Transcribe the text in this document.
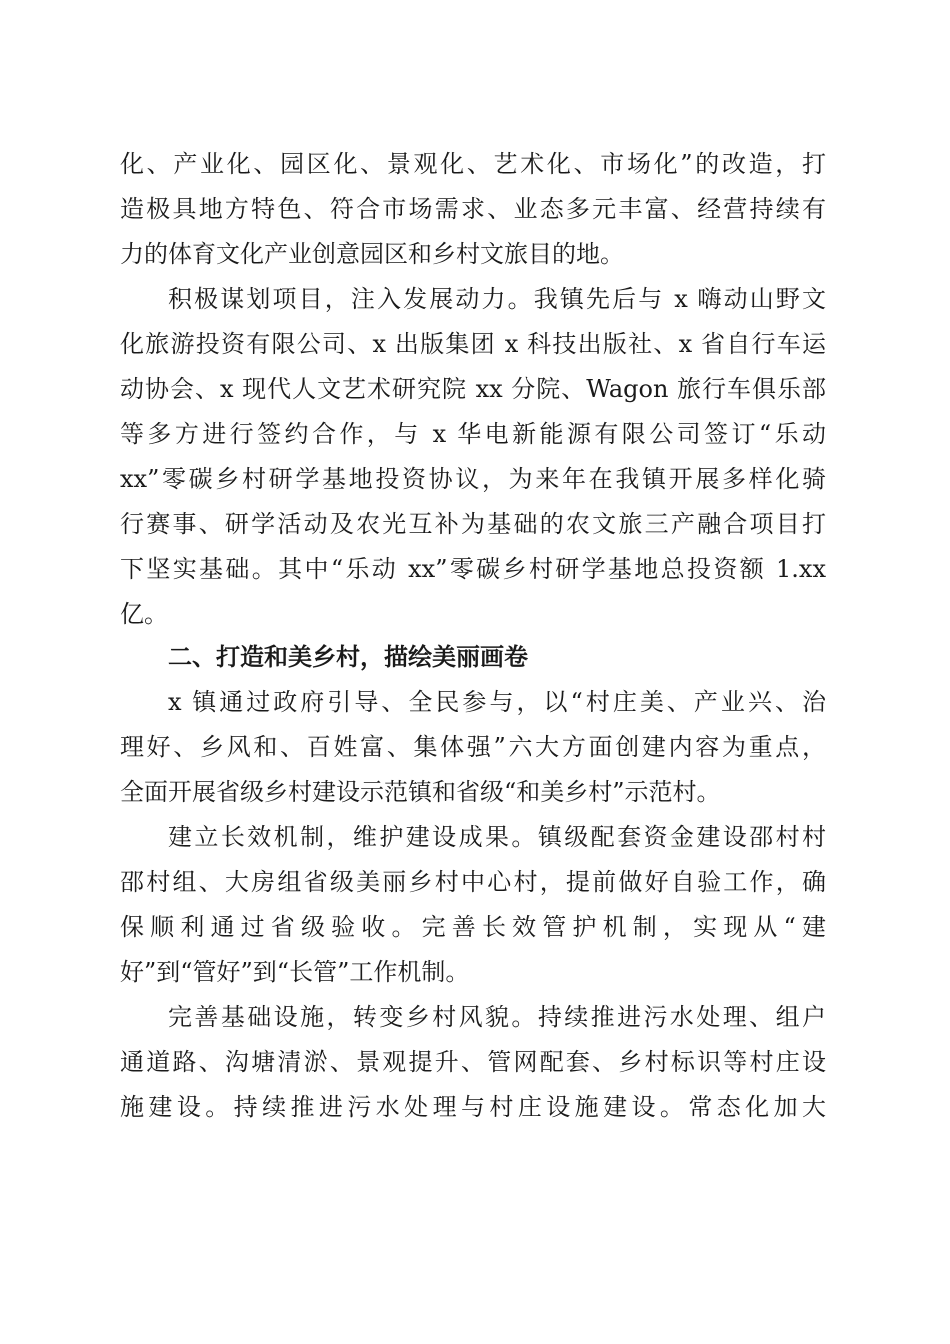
化、产业化、园区化、景观化、艺术化、市场化”的改造，打
造极具地方特色、符合市场需求、业态多元丰富、经营持续有
力的体育文化产业创意园区和乡村文旅目的地。
积极谋划项目，注入发展动力。我镇先后与 x 嗨动山野文
化旅游投资有限公司、x 出版集团 x 科技出版社、x 省自行车运
动协会、x 现代人文艺术研究院 xx 分院、Wagon 旅行车俱乐部
等多方进行签约合作，与 x 华电新能源有限公司签订“乐动
xx”零碳乡村研学基地投资协议，为来年在我镇开展多样化骑
行赛事、研学活动及农光互补为基础的农文旅三产融合项目打
下坚实基础。其中“乐动 xx”零碳乡村研学基地总投资额 1.xx
亿。
二、打造和美乡村，描绘美丽画卷
x 镇通过政府引导、全民参与，以“村庄美、产业兴、治
理好、乡风和、百姓富、集体强”六大方面创建内容为重点，
全面开展省级乡村建设示范镇和省级“和美乡村”示范村。
建立长效机制，维护建设成果。镇级配套资金建设邵村村
邵村组、大房组省级美丽乡村中心村，提前做好自验工作，确
保顺利通过省级验收。完善长效管护机制，实现从“建
好”到“管好”到“长管”工作机制。
完善基础设施，转变乡村风貌。持续推进污水处理、组户
通道路、沟塘清淤、景观提升、管网配套、乡村标识等村庄设
施建设。持续推进污水处理与村庄设施建设。常态化加大
